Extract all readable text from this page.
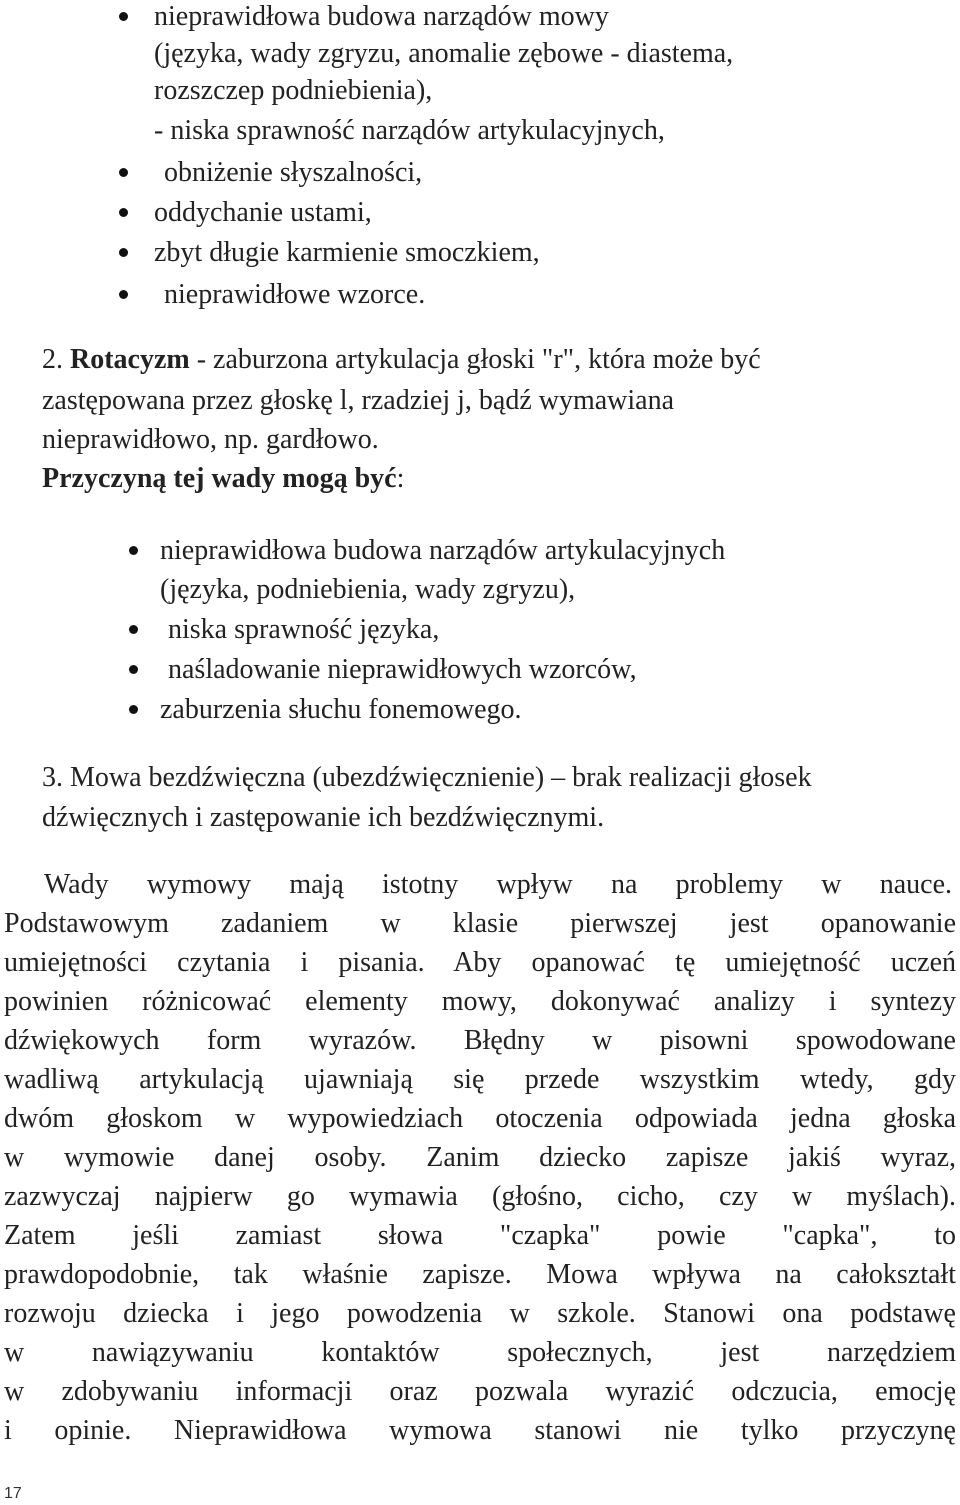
nieprawidłowa budowa narządów mowy
(języka, wady zgryzu, anomalie zębowe - diastema,
rozszczep podniebienia),
- niska sprawność narządów artykulacyjnych,
obniżenie słyszalności,
oddychanie ustami,
zbyt długie karmienie smoczkiem,
nieprawidłowe wzorce.
2. Rotacyzm - zaburzona artykulacja głoski "r", która może być
zastępowana przez głoskę l, rzadziej j, bądź wymawiana
nieprawidłowo, np. gardłowo.
Przyczyną tej wady mogą być:
nieprawidłowa budowa narządów artykulacyjnych
(języka, podniebienia, wady zgryzu),
niska sprawność języka,
naśladowanie nieprawidłowych wzorców,
zaburzenia słuchu fonemowego.
3. Mowa bezdźwięczna (ubezdźwięcznienie) – brak realizacji głosek
dźwięcznych i zastępowanie ich bezdźwięcznymi.
Wady wymowy mają istotny wpływ na problemy w nauce.
Podstawowym zadaniem w klasie pierwszej jest opanowanie
umiejętności czytania i pisania. Aby opanować tę umiejętność uczeń
powinien różnicować elementy mowy, dokonywać analizy i syntezy
dźwiękowych form wyrazów. Błędny w pisowni spowodowane
wadliwą artykulacją ujawniają się przede wszystkim wtedy, gdy
dwóm głoskom w wypowiedziach otoczenia odpowiada jedna głoska
w wymowie danej osoby. Zanim dziecko zapisze jakiś wyraz,
zazwyczaj najpierw go wymawia (głośno, cicho, czy w myślach).
Zatem jeśli zamiast słowa "czapka" powie "capka", to
prawdopodobnie, tak właśnie zapisze. Mowa wpływa na całokształt
rozwoju dziecka i jego powodzenia w szkole. Stanowi ona podstawę
w nawiązywaniu kontaktów społecznych, jest narzędziem
w zdobywaniu informacji oraz pozwala wyrazić odczucia, emocję
i opinie. Nieprawidłowa wymowa stanowi nie tylko przyczynę
17
